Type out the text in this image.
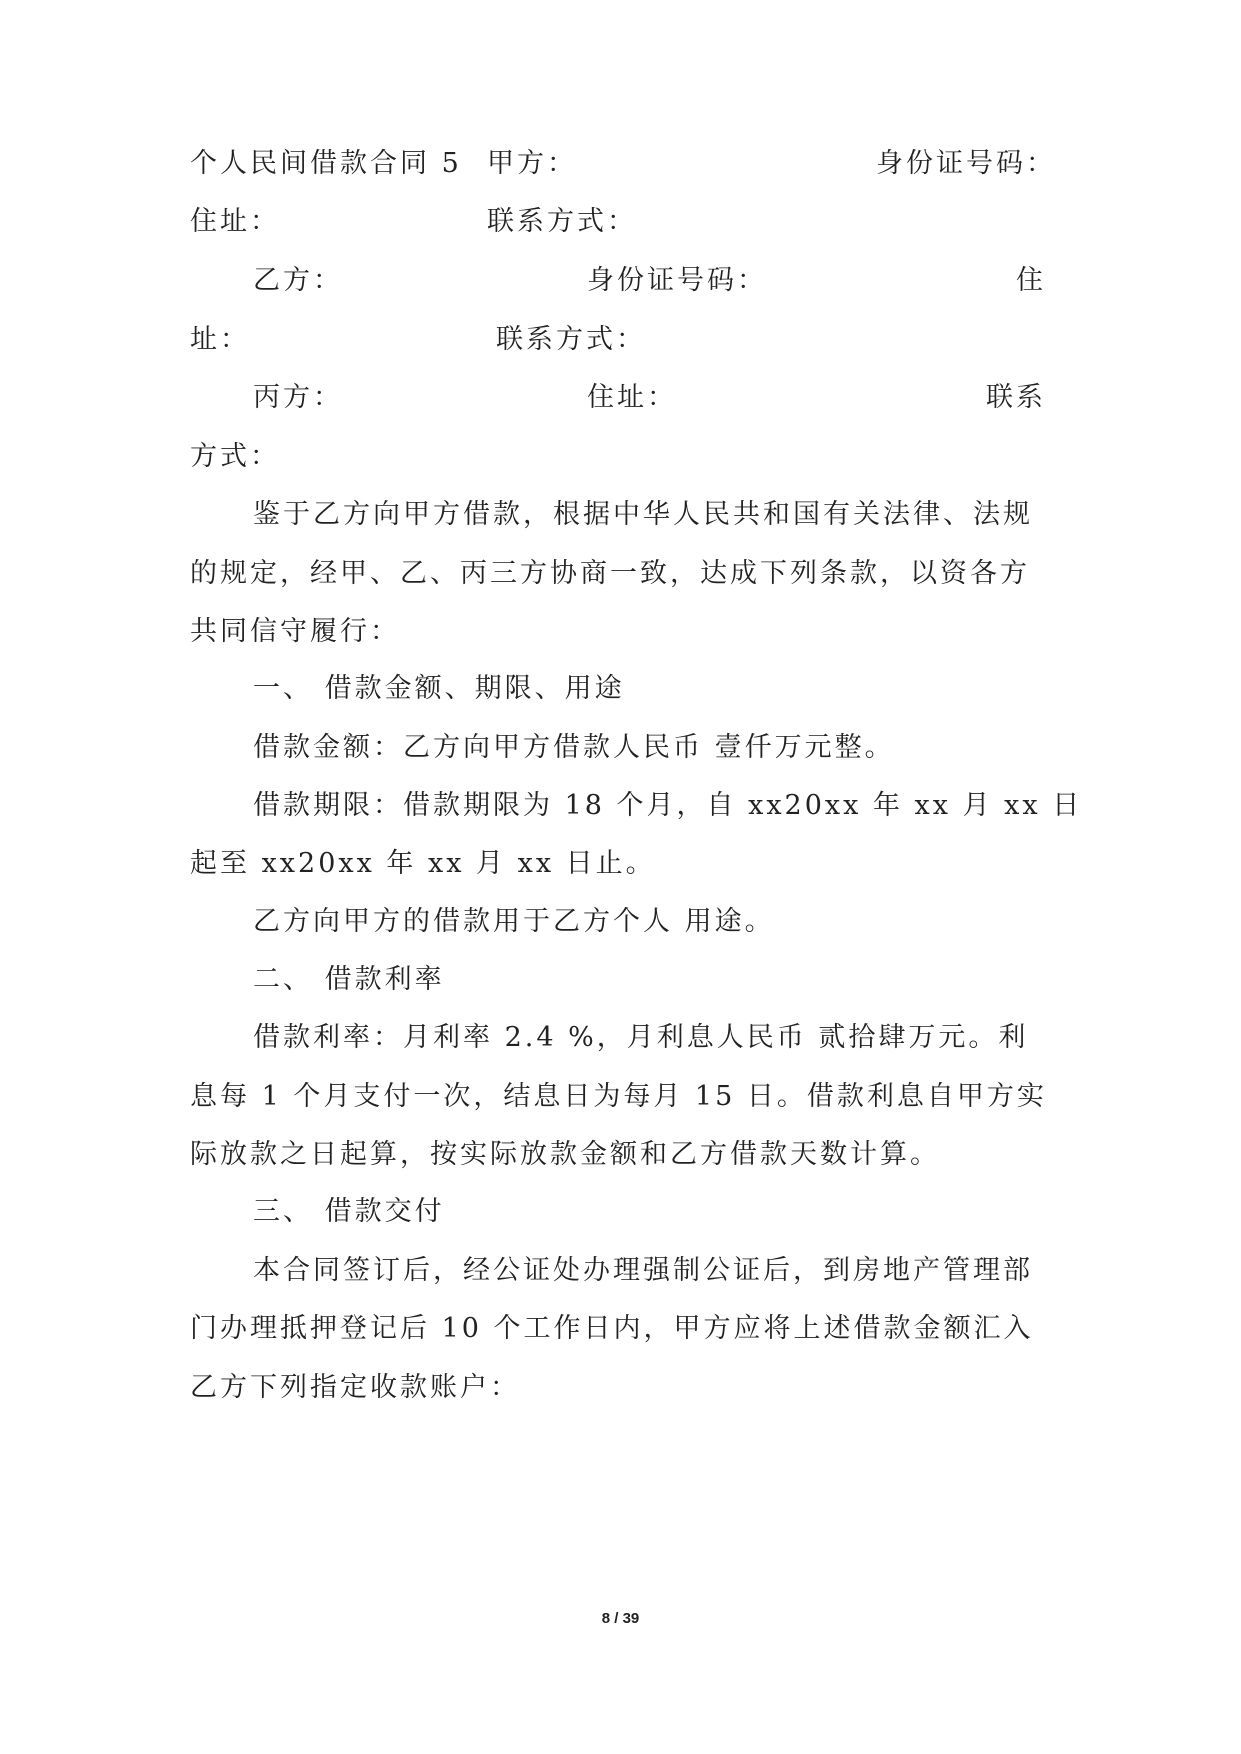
个人民间借款合同 5 甲方：	身份证号码：
住址：	联系方式：
乙方：	身份证号码：	住
址：	联系方式：
丙方：	住址：	联系
方式：
鉴于乙方向甲方借款，根据中华人民共和国有关法律、法规
的规定，经甲、乙、丙三方协商一致，达成下列条款，以资各方
共同信守履行：
一、 借款金额、期限、用途
借款金额：乙方向甲方借款人民币 壹仟万元整。
借款期限：借款期限为 18 个月，自 xx20xx 年 xx 月 xx 日
起至 xx20xx 年 xx 月 xx 日止。
乙方向甲方的借款用于乙方个人 用途。
二、 借款利率
借款利率：月利率 2.4 %，月利息人民币 贰拾肆万元。利
息每 1 个月支付一次，结息日为每月 15 日。借款利息自甲方实
际放款之日起算，按实际放款金额和乙方借款天数计算。
三、 借款交付
本合同签订后，经公证处办理强制公证后，到房地产管理部
门办理抵押登记后 10 个工作日内，甲方应将上述借款金额汇入
乙方下列指定收款账户：
8 / 39
